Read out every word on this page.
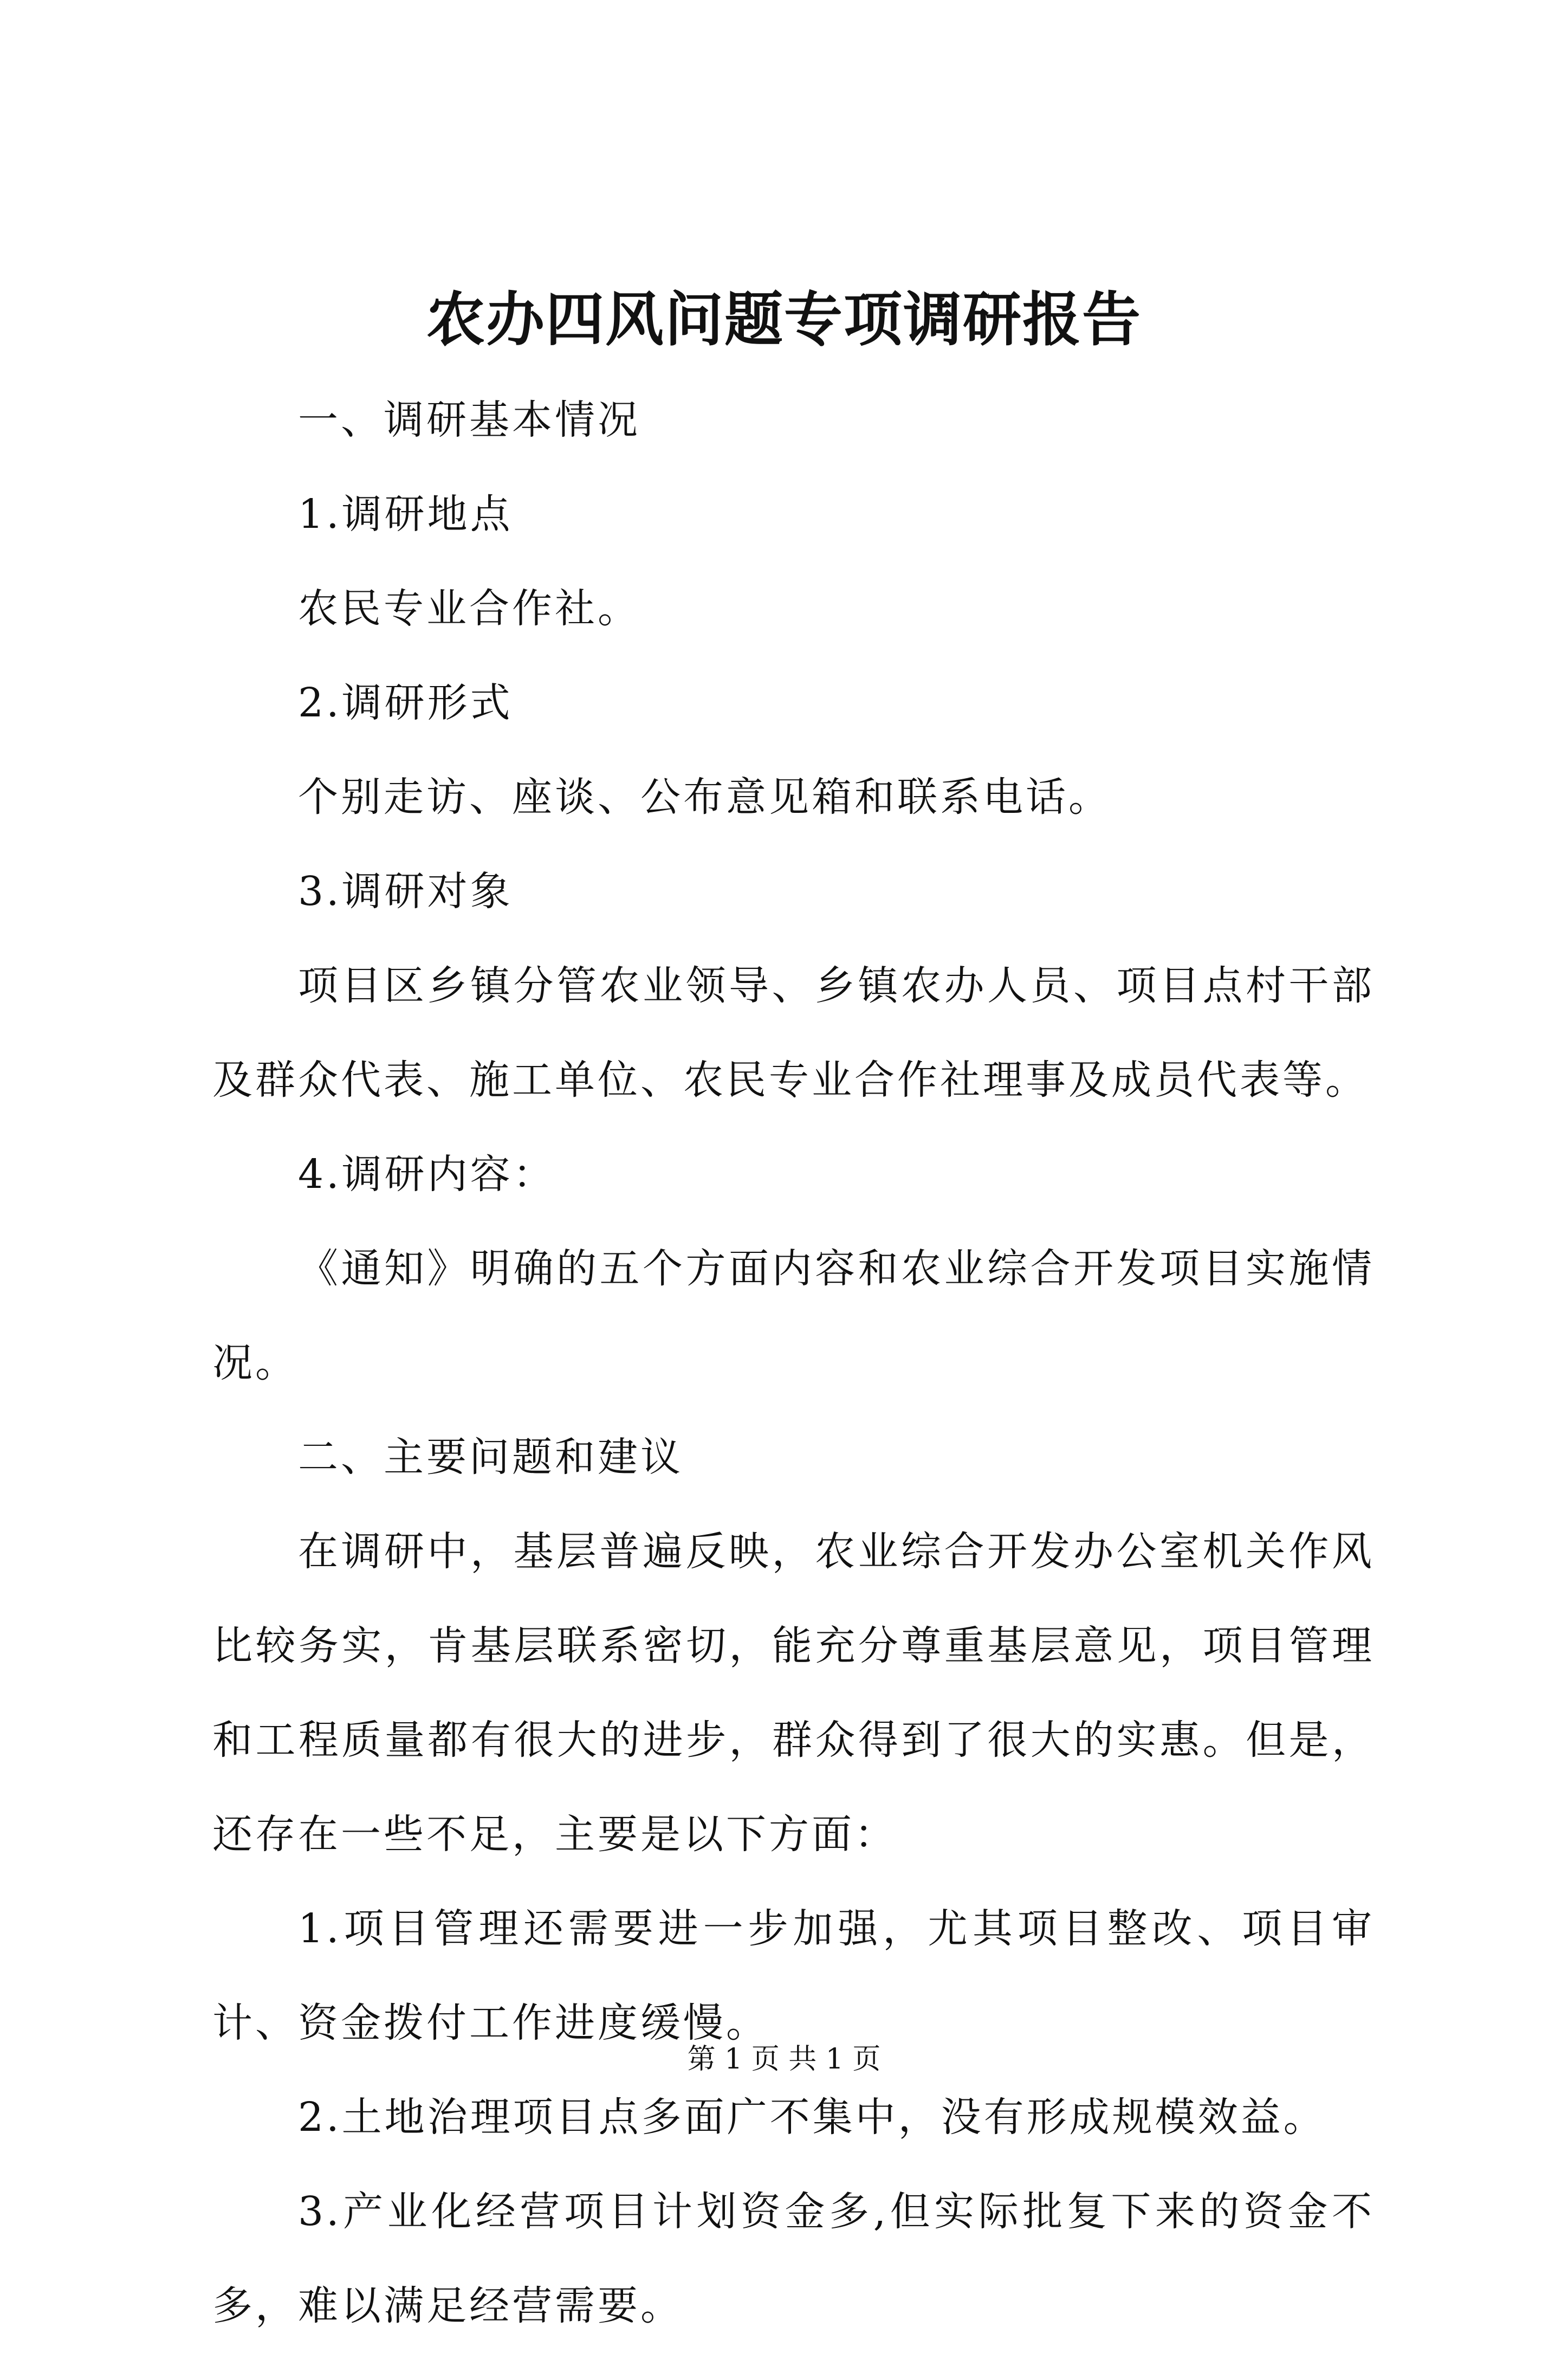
农办四风问题专项调研报告

一、调研基本情况

1.调研地点

农民专业合作社。

2.调研形式

个别走访、座谈、公布意见箱和联系电话。

3.调研对象

项目区乡镇分管农业领导、乡镇农办人员、项目点村干部及群众代表、施工单位、农民专业合作社理事及成员代表等。

4.调研内容：

《通知》明确的五个方面内容和农业综合开发项目实施情况。

二、主要问题和建议

在调研中，基层普遍反映，农业综合开发办公室机关作风比较务实，肯基层联系密切，能充分尊重基层意见，项目管理和工程质量都有很大的进步，群众得到了很大的实惠。但是，还存在一些不足，主要是以下方面：

1.项目管理还需要进一步加强，尤其项目整改、项目审计、资金拨付工作进度缓慢。

2.土地治理项目点多面广不集中，没有形成规模效益。

3.产业化经营项目计划资金多,但实际批复下来的资金不多，难以满足经营需要。

第 1 页 共 1 页
